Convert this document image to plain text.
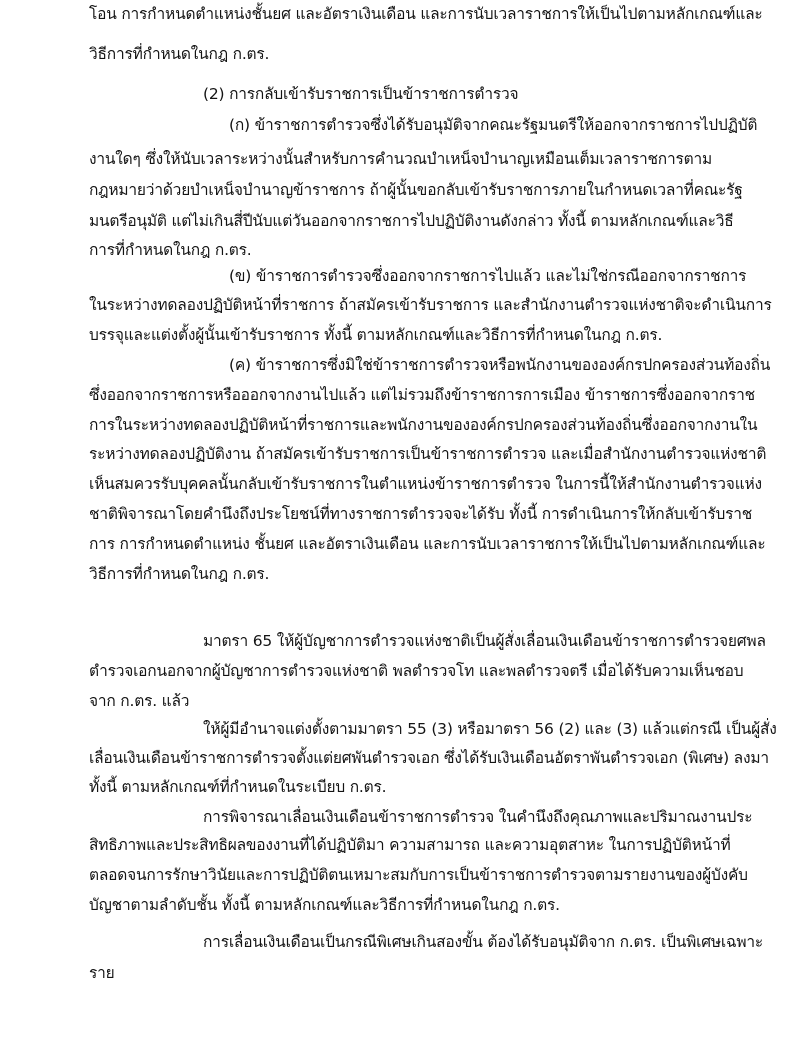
โอน การกำหนดตำแหน่งชั้นยศ และอัตราเงินเดือน และการนับเวลาราชการให้เป็นไปตามหลักเกณฑ์และ
วิธีการที่กำหนดในกฎ ก.ตร.
(2) การกลับเข้ารับราชการเป็นข้าราชการตำรวจ
(ก) ข้าราชการตำรวจซึ่งได้รับอนุมัติจากคณะรัฐมนตรีให้ออกจากราชการไปปฏิบัติ
งานใดๆ ซึ่งให้นับเวลาระหว่างนั้นสำหรับการคำนวณบำเหน็จบำนาญเหมือนเต็มเวลาราชการตาม
กฎหมายว่าด้วยบำเหน็จบำนาญข้าราชการ ถ้าผู้นั้นขอกลับเข้ารับราชการภายในกำหนดเวลาที่คณะรัฐ
มนตรีอนุมัติ แต่ไม่เกินสี่ปีนับแต่วันออกจากราชการไปปฏิบัติงานดังกล่าว ทั้งนี้ ตามหลักเกณฑ์และวิธี
การที่กำหนดในกฎ ก.ตร.
(ข) ข้าราชการตำรวจซึ่งออกจากราชการไปแล้ว และไม่ใช่กรณีออกจากราชการ
ในระหว่างทดลองปฏิบัติหน้าที่ราชการ ถ้าสมัครเข้ารับราชการ และสำนักงานตำรวจแห่งชาติจะดำเนินการ
บรรจุและแต่งตั้งผู้นั้นเข้ารับราชการ ทั้งนี้ ตามหลักเกณฑ์และวิธีการที่กำหนดในกฎ ก.ตร.
(ค) ข้าราชการซึ่งมิใช่ข้าราชการตำรวจหรือพนักงานขององค์กรปกครองส่วนท้องถิ่น
ซึ่งออกจากราชการหรือออกจากงานไปแล้ว แต่ไม่รวมถึงข้าราชการการเมือง ข้าราชการซึ่งออกจากราช
การในระหว่างทดลองปฏิบัติหน้าที่ราชการและพนักงานขององค์กรปกครองส่วนท้องถิ่นซึ่งออกจากงานใน
ระหว่างทดลองปฏิบัติงาน ถ้าสมัครเข้ารับราชการเป็นข้าราชการตำรวจ และเมื่อสำนักงานตำรวจแห่งชาติ
เห็นสมควรรับบุคคลนั้นกลับเข้ารับราชการในตำแหน่งข้าราชการตำรวจ ในการนี้ให้สำนักงานตำรวจแห่ง
ชาติพิจารณาโดยคำนึงถึงประโยชน์ที่ทางราชการตำรวจจะได้รับ ทั้งนี้ การดำเนินการให้กลับเข้ารับราช
การ การกำหนดตำแหน่ง ชั้นยศ และอัตราเงินเดือน และการนับเวลาราชการให้เป็นไปตามหลักเกณฑ์และ
วิธีการที่กำหนดในกฎ ก.ตร.
มาตรา 65 ให้ผู้บัญชาการตำรวจแห่งชาติเป็นผู้สั่งเลื่อนเงินเดือนข้าราชการตำรวจยศพล
ตำรวจเอกนอกจากผู้บัญชาการตำรวจแห่งชาติ พลตำรวจโท และพลตำรวจตรี เมื่อได้รับความเห็นชอบ
จาก ก.ตร. แล้ว
ให้ผู้มีอำนาจแต่งตั้งตามมาตรา 55 (3) หรือมาตรา 56 (2) และ (3) แล้วแต่กรณี เป็นผู้สั่ง
เลื่อนเงินเดือนข้าราชการตำรวจตั้งแต่ยศพันตำรวจเอก ซึ่งได้รับเงินเดือนอัตราพันตำรวจเอก (พิเศษ) ลงมา
ทั้งนี้ ตามหลักเกณฑ์ที่กำหนดในระเบียบ ก.ตร.
การพิจารณาเลื่อนเงินเดือนข้าราชการตำรวจ ในคำนึงถึงคุณภาพและปริมาณงานประ
สิทธิภาพและประสิทธิผลของงานที่ได้ปฏิบัติมา ความสามารถ และความอุตสาหะ ในการปฏิบัติหน้าที่
ตลอดจนการรักษาวินัยและการปฏิบัติตนเหมาะสมกับการเป็นข้าราชการตำรวจตามรายงานของผู้บังคับ
บัญชาตามลำดับชั้น ทั้งนี้ ตามหลักเกณฑ์และวิธีการที่กำหนดในกฎ ก.ตร.
การเลื่อนเงินเดือนเป็นกรณีพิเศษเกินสองขั้น ต้องได้รับอนุมัติจาก ก.ตร. เป็นพิเศษเฉพาะ
ราย
